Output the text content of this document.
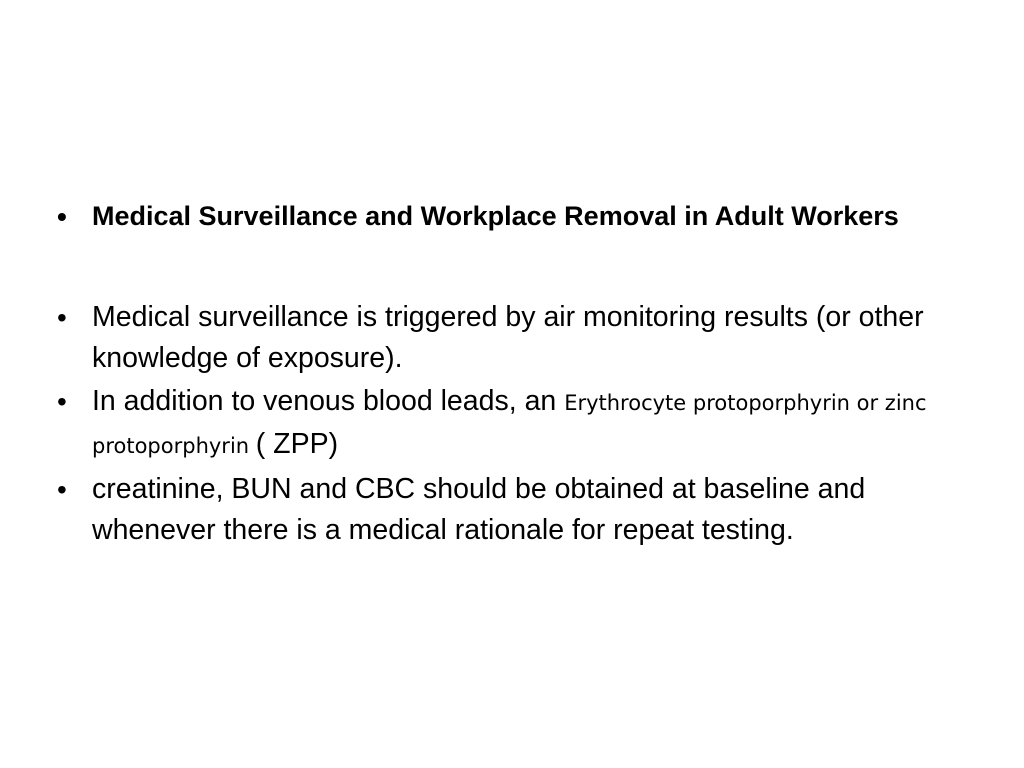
• Medical Surveillance and Workplace Removal in Adult Workers
• Medical surveillance is triggered by air monitoring results (or other knowledge of exposure).
• In addition to venous blood leads, an Erythrocyte protoporphyrin or zinc protoporphyrin ( ZPP)
• creatinine, BUN and CBC should be obtained at baseline and whenever there is a medical rationale for repeat testing.
